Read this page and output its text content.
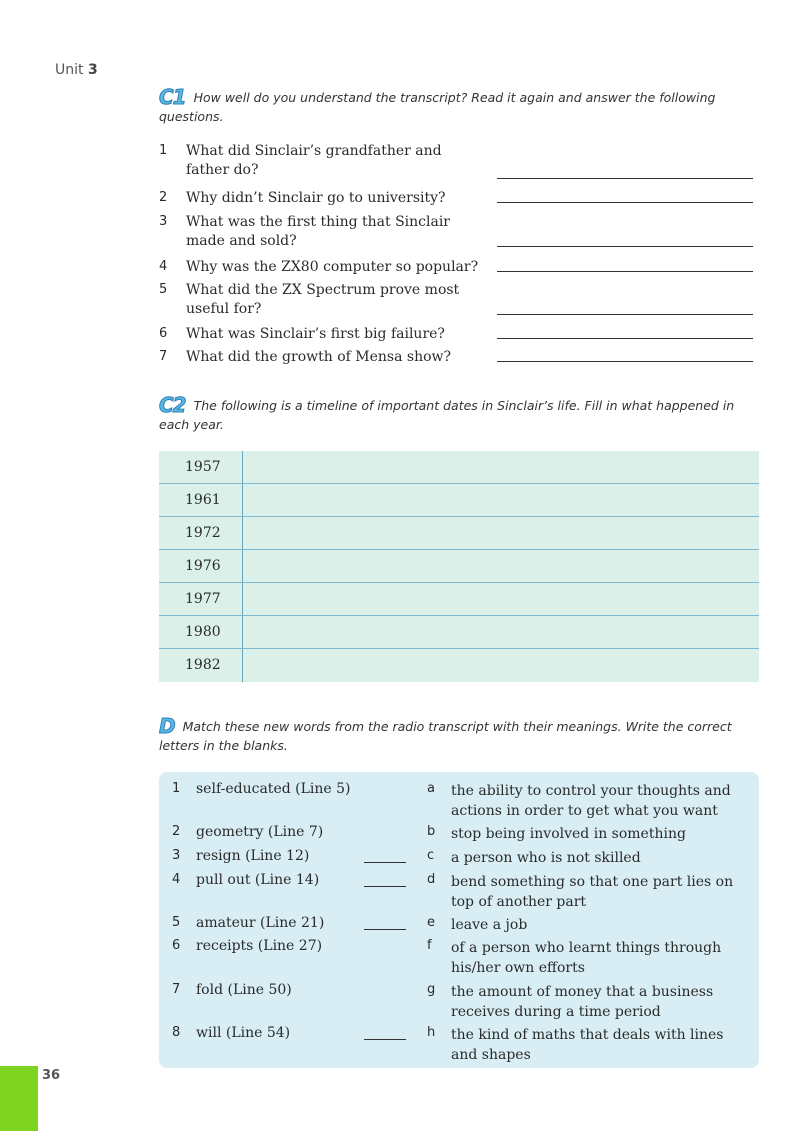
Unit 3
C1 How well do you understand the transcript? Read it again and answer the following questions.
1 What did Sinclair’s grandfather and father do?
2 Why didn’t Sinclair go to university?
3 What was the first thing that Sinclair made and sold?
4 Why was the ZX80 computer so popular?
5 What did the ZX Spectrum prove most useful for?
6 What was Sinclair’s first big failure?
7 What did the growth of Mensa show?
C2 The following is a timeline of important dates in Sinclair’s life. Fill in what happened in each year.
1957
1961
1972
1976
1977
1980
1982
D Match these new words from the radio transcript with their meanings. Write the correct letters in the blanks.
1 self-educated (Line 5)	a the ability to control your thoughts and actions in order to get what you want
2 geometry (Line 7)	b stop being involved in something
3 resign (Line 12)	c a person who is not skilled
4 pull out (Line 14)	d bend something so that one part lies on top of another part
5 amateur (Line 21)	e leave a job
6 receipts (Line 27)	f of a person who learnt things through his/her own efforts
7 fold (Line 50)	g the amount of money that a business receives during a time period
8 will (Line 54)	h the kind of maths that deals with lines and shapes
36
